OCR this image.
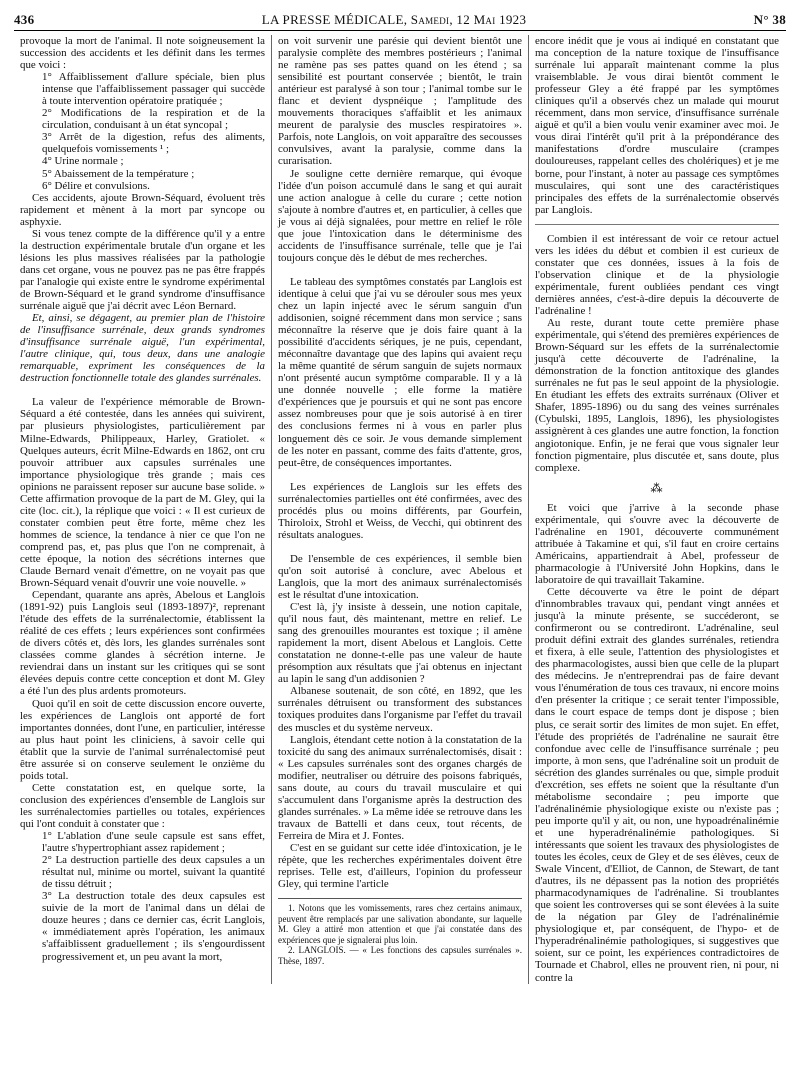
436	LA PRESSE MÉDICALE, Samedi, 12 Mai 1923	N° 38

provoque la mort de l'animal. Il note soigneusement la succession des accidents et les définit dans les termes que voici :

1° Affaiblissement d'allure spéciale, bien plus intense que l'affaiblissement passager qui succède à toute intervention opératoire pratiquée ;

2° Modifications de la respiration et de la circulation, conduisant à un état syncopal ;

3° Arrêt de la digestion, refus des aliments, quelquefois vomissements ¹ ;

4° Urine normale ;

5° Abaissement de la température ;

6° Délire et convulsions.

Ces accidents, ajoute Brown-Séquard, évoluent très rapidement et mènent à la mort par syncope ou asphyxie.

Si vous tenez compte de la différence qu'il y a entre la destruction expérimentale brutale d'un organe et les lésions les plus massives réalisées par la pathologie dans cet organe, vous ne pouvez pas ne pas être frappés par l'analogie qui existe entre le syndrome expérimental de Brown-Séquard et le grand syndrome d'insuffisance surrénale aiguë que j'ai décrit avec Léon Bernard.

Et, ainsi, se dégagent, au premier plan de l'histoire de l'insuffisance surrénale, deux grands syndromes d'insuffisance surrénale aiguë, l'un expérimental, l'autre clinique, qui, tous deux, dans une analogie remarquable, expriment les conséquences de la destruction fonctionnelle totale des glandes surrénales.

La valeur de l'expérience mémorable de Brown-Séquard a été contestée, dans les années qui suivirent, par plusieurs physiologistes, particulièrement par Milne-Edwards, Philippeaux, Harley, Gratiolet. « Quelques auteurs, écrit Milne-Edwards en 1862, ont cru pouvoir attribuer aux capsules surrénales une importance physiologique très grande ; mais ces opinions ne paraissent reposer sur aucune base solide. » Cette affirmation provoque de la part de M. Gley, qui la cite (loc. cit.), la réplique que voici : « Il est curieux de constater combien peut être forte, même chez les hommes de science, la tendance à nier ce que l'on ne comprend pas, et, pas plus que l'on ne comprenait, à cette époque, la notion des sécrétions internes que Claude Bernard venait d'émettre, on ne voyait pas que Brown-Séquard venait d'ouvrir une voie nouvelle. »

Cependant, quarante ans après, Abelous et Langlois (1891-92) puis Langlois seul (1893-1897)², reprenant l'étude des effets de la surrénalectomie, établissent la réalité de ces effets ; leurs expériences sont confirmées de divers côtés et, dès lors, les glandes surrénales sont classées comme glandes à sécrétion interne. Je reviendrai dans un instant sur les critiques qui se sont élevées depuis contre cette conception et dont M. Gley a été l'un des plus ardents promoteurs.

Quoi qu'il en soit de cette discussion encore ouverte, les expériences de Langlois ont apporté de fort importantes données, dont l'une, en particulier, intéresse au plus haut point les cliniciens, à savoir celle qui établit que la survie de l'animal surrénalectomisé peut être assurée si on conserve seulement le onzième du poids total.

Cette constatation est, en quelque sorte, la conclusion des expériences d'ensemble de Langlois sur les surrénalectomies partielles ou totales, expériences qui l'ont conduit à constater que :

1° L'ablation d'une seule capsule est sans effet, l'autre s'hypertrophiant assez rapidement ;

2° La destruction partielle des deux capsules a un résultat nul, minime ou mortel, suivant la quantité de tissu détruit ;

3° La destruction totale des deux capsules est suivie de la mort de l'animal dans un délai de douze heures ; dans ce dernier cas, écrit Langlois, « immédiatement après l'opération, les animaux s'affaiblissent graduellement ; ils s'engourdissent progressivement et, un peu avant la mort,

on voit survenir une parésie qui devient bientôt une paralysie complète des membres postérieurs ; l'animal ne ramène pas ses pattes quand on les étend ; sa sensibilité est pourtant conservée ; bientôt, le train antérieur est paralysé à son tour ; l'animal tombe sur le flanc et devient dyspnéique ; l'amplitude des mouvements thoraciques s'affaiblit et les animaux meurent de paralysie des muscles respiratoires ». Parfois, note Langlois, on voit apparaître des secousses convulsives, avant la paralysie, comme dans la curarisation.

Je souligne cette dernière remarque, qui évoque l'idée d'un poison accumulé dans le sang et qui aurait une action analogue à celle du curare ; cette notion s'ajoute à nombre d'autres et, en particulier, à celles que je vous ai déjà signalées, pour mettre en relief le rôle que joue l'intoxication dans le déterminisme des accidents de l'insuffisance surrénale, telle que je l'ai toujours conçue dès le début de mes recherches.

Le tableau des symptômes constatés par Langlois est identique à celui que j'ai vu se dérouler sous mes yeux chez un lapin injecté avec le sérum sanguin d'un addisonien, soigné récemment dans mon service ; sans méconnaître la réserve que je dois faire quant à la possibilité d'accidents sériques, je ne puis, cependant, méconnaître davantage que des lapins qui avaient reçu la même quantité de sérum sanguin de sujets normaux n'ont présenté aucun symptôme comparable. Il y a là une donnée nouvelle ; elle forme la matière d'expériences que je poursuis et qui ne sont pas encore assez nombreuses pour que je sois autorisé à en tirer des conclusions fermes ni à vous en parler plus longuement dès ce soir. Je vous demande simplement de les noter en passant, comme des faits d'attente, gros, peut-être, de conséquences importantes.

Les expériences de Langlois sur les effets des surrénalectomies partielles ont été confirmées, avec des procédés plus ou moins différents, par Gourfein, Thiroloix, Strohl et Weiss, de Vecchi, qui obtinrent des résultats analogues.

De l'ensemble de ces expériences, il semble bien qu'on soit autorisé à conclure, avec Abelous et Langlois, que la mort des animaux surrénalectomisés est le résultat d'une intoxication.

C'est là, j'y insiste à dessein, une notion capitale, qu'il nous faut, dès maintenant, mettre en relief. Le sang des grenouilles mourantes est toxique ; il amène rapidement la mort, disent Abelous et Langlois. Cette constatation ne donne-t-elle pas une valeur de haute présomption aux résultats que j'ai obtenus en injectant au lapin le sang d'un addisonien ?

Albanese soutenait, de son côté, en 1892, que les surrénales détruisent ou transforment des substances toxiques produites dans l'organisme par l'effet du travail des muscles et du système nerveux.

Langlois, étendant cette notion à la constatation de la toxicité du sang des animaux surrénalectomisés, disait : « Les capsules surrénales sont des organes chargés de modifier, neutraliser ou détruire des poisons fabriqués, sans doute, au cours du travail musculaire et qui s'accumulent dans l'organisme après la destruction des glandes surrénales. » La même idée se retrouve dans les travaux de Battelli et dans ceux, tout récents, de Ferreira de Mira et J. Fontes.

C'est en se guidant sur cette idée d'intoxication, je le répète, que les recherches expérimentales doivent être reprises. Telle est, d'ailleurs, l'opinion du professeur Gley, qui termine l'article

1. Notons que les vomissements, rares chez certains animaux, peuvent être remplacés par une salivation abondante, sur laquelle M. Gley a attiré mon attention et que j'ai constatée dans des expériences que je signalerai plus loin.

2. LANGLOIS. — « Les fonctions des capsules surrénales ». Thèse, 1897.

encore inédit que je vous ai indiqué en constatant que ma conception de la nature toxique de l'insuffisance surrénale lui apparaît maintenant comme la plus vraisemblable. Je vous dirai bientôt comment le professeur Gley a été frappé par les symptômes cliniques qu'il a observés chez un malade qui mourut récemment, dans mon service, d'insuffisance surrénale aiguë et qu'il a bien voulu venir examiner avec moi. Je vous dirai l'intérêt qu'il prit à la prépondérance des manifestations d'ordre musculaire (crampes douloureuses, rappelant celles des cholériques) et je me borne, pour l'instant, à noter au passage ces symptômes musculaires, qui sont une des caractéristiques principales des effets de la surrénalectomie observés par Langlois.

Combien il est intéressant de voir ce retour actuel vers les idées du début et combien il est curieux de constater que ces données, issues à la fois de l'observation clinique et de la physiologie expérimentale, furent oubliées pendant ces vingt dernières années, c'est-à-dire depuis la découverte de l'adrénaline !

Au reste, durant toute cette première phase expérimentale, qui s'étend des premières expériences de Brown-Séquard sur les effets de la surrénalectomie jusqu'à cette découverte de l'adrénaline, la démonstration de la fonction antitoxique des glandes surrénales ne fut pas le seul appoint de la physiologie. En étudiant les effets des extraits surrénaux (Oliver et Shafer, 1895-1896) ou du sang des veines surrénales (Cybulski, 1895, Langlois, 1896), les physiologistes assignèrent à ces glandes une autre fonction, la fonction angiotonique. Enfin, je ne ferai que vous signaler leur fonction pigmentaire, plus discutée et, sans doute, plus complexe.

⁂

Et voici que j'arrive à la seconde phase expérimentale, qui s'ouvre avec la découverte de l'adrénaline en 1901, découverte communément attribuée à Takamine et qui, s'il faut en croire certains Américains, appartiendrait à Abel, professeur de pharmacologie à l'Université John Hopkins, dans le laboratoire de qui travaillait Takamine.

Cette découverte va être le point de départ d'innombrables travaux qui, pendant vingt années et jusqu'à la minute présente, se succéderont, se confirmeront ou se contrediront. L'adrénaline, seul produit défini extrait des glandes surrénales, retiendra et fixera, à elle seule, l'attention des physiologistes et des pharmacologistes, aussi bien que celle de la plupart des médecins. Je n'entreprendrai pas de faire devant vous l'énumération de tous ces travaux, ni encore moins d'en présenter la critique ; ce serait tenter l'impossible, dans le court espace de temps dont je dispose ; bien plus, ce serait sortir des limites de mon sujet. En effet, l'étude des propriétés de l'adrénaline ne saurait être confondue avec celle de l'insuffisance surrénale ; peu importe, à mon sens, que l'adrénaline soit un produit de sécrétion des glandes surrénales ou que, simple produit d'excrétion, ses effets ne soient que la résultante d'un métabolisme secondaire ; peu importe que l'adrénalinémie physiologique existe ou n'existe pas ; peu importe qu'il y ait, ou non, une hypoadrénalinémie et une hyperadrénalinémie pathologiques. Si intéressants que soient les travaux des physiologistes de toutes les écoles, ceux de Gley et de ses élèves, ceux de Swale Vincent, d'Elliot, de Cannon, de Stewart, de tant d'autres, ils ne dépassent pas la notion des propriétés pharmacodynamiques de l'adrénaline. Si troublantes que soient les controverses qui se sont élevées à la suite de la négation par Gley de l'adrénalinémie physiologique et, par conséquent, de l'hypo- et de l'hyperadrénalinémie pathologiques, si suggestives que soient, sur ce point, les expériences contradictoires de Tournade et Chabrol, elles ne prouvent rien, ni pour, ni contre la
